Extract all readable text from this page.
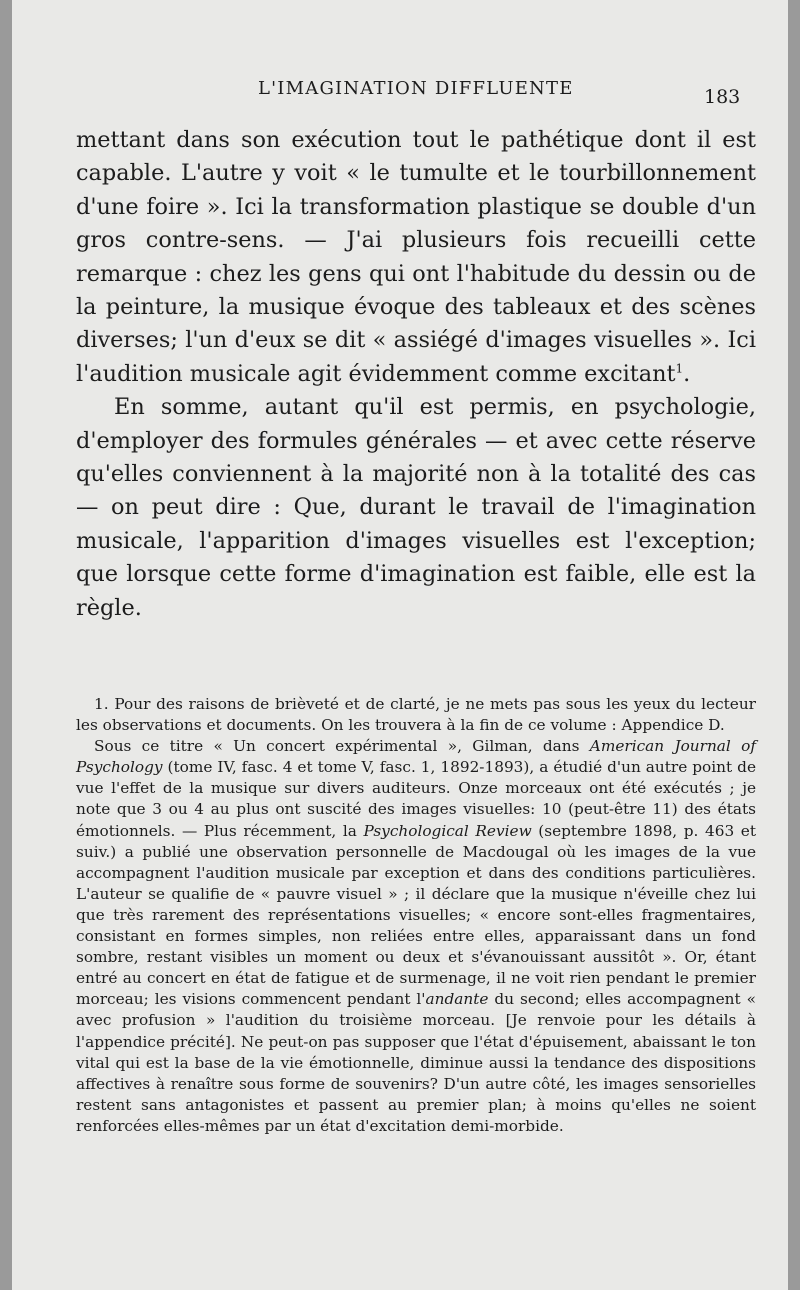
L'IMAGINATION DIFFLUENTE	183

mettant dans son exécution tout le pathétique dont il est capable. L'autre y voit « le tumulte et le tourbillonnement d'une foire ». Ici la transformation plastique se double d'un gros contre-sens. — J'ai plusieurs fois recueilli cette remarque : chez les gens qui ont l'habitude du dessin ou de la peinture, la musique évoque des tableaux et des scènes diverses; l'un d'eux se dit « assiégé d'images visuelles ». Ici l'audition musicale agit évidemment comme excitant$^1$.

En somme, autant qu'il est permis, en psychologie, d'employer des formules générales — et avec cette réserve qu'elles conviennent à la majorité non à la totalité des cas — on peut dire : Que, durant le travail de l'imagination musicale, l'apparition d'images visuelles est l'exception; que lorsque cette forme d'imagination est faible, elle est la règle.

1. Pour des raisons de brièveté et de clarté, je ne mets pas sous les yeux du lecteur les observations et documents. On les trouvera à la fin de ce volume : Appendice D.

Sous ce titre « Un concert expérimental », Gilman, dans American Journal of Psychology (tome IV, fasc. 4 et tome V, fasc. 1, 1892-1893), a étudié d'un autre point de vue l'effet de la musique sur divers auditeurs. Onze morceaux ont été exécutés ; je note que 3 ou 4 au plus ont suscité des images visuelles: 10 (peut-être 11) des états émotionnels. — Plus récemment, la Psychological Review (septembre 1898, p. 463 et suiv.) a publié une observation personnelle de Macdougal où les images de la vue accompagnent l'audition musicale par exception et dans des conditions particulières. L'auteur se qualifie de « pauvre visuel » ; il déclare que la musique n'éveille chez lui que très rarement des représentations visuelles; « encore sont-elles fragmentaires, consistant en formes simples, non reliées entre elles, apparaissant dans un fond sombre, restant visibles un moment ou deux et s'évanouissant aussitôt ». Or, étant entré au concert en état de fatigue et de surmenage, il ne voit rien pendant le premier morceau; les visions commencent pendant l'andante du second; elles accompagnent « avec profusion » l'audition du troisième morceau. [Je renvoie pour les détails à l'appendice précité]. Ne peut-on pas supposer que l'état d'épuisement, abaissant le ton vital qui est la base de la vie émotionnelle, diminue aussi la tendance des dispositions affectives à renaître sous forme de souvenirs? D'un autre côté, les images sensorielles restent sans antagonistes et passent au premier plan; à moins qu'elles ne soient renforcées elles-mêmes par un état d'excitation demi-morbide.
